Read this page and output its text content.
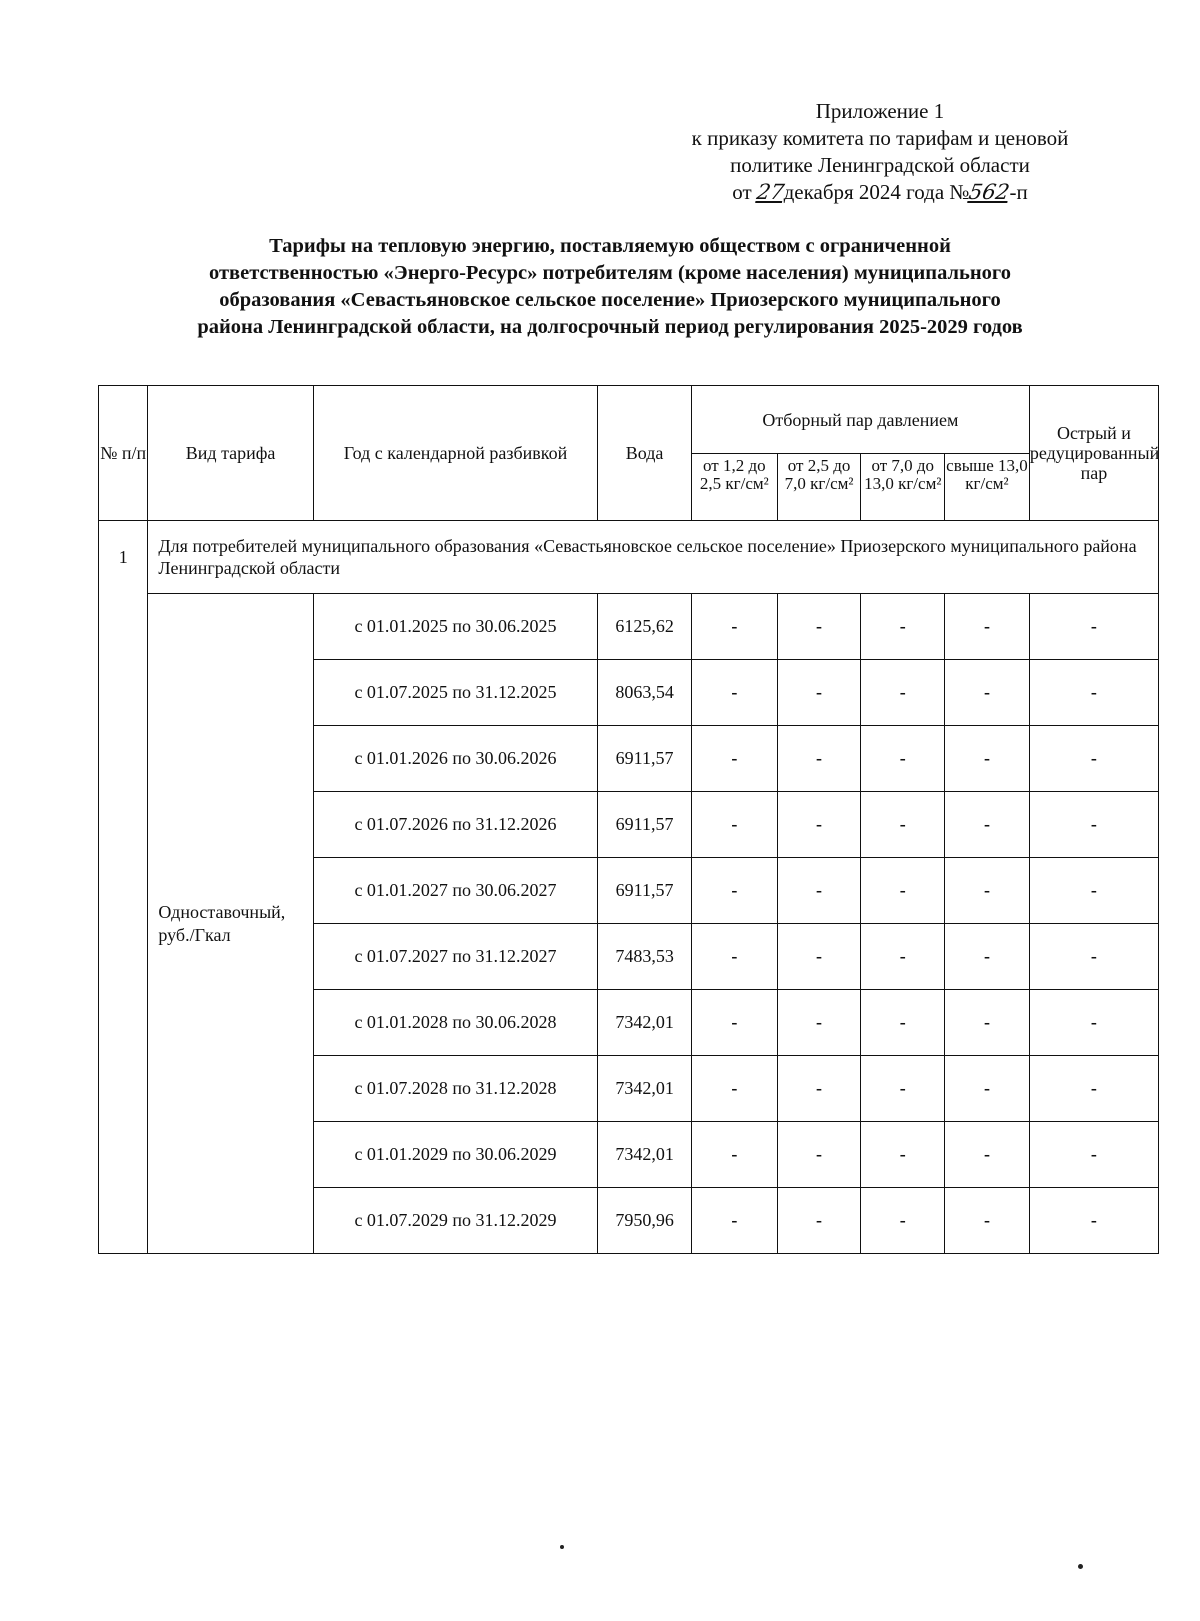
Приложение 1
к приказу комитета по тарифам и ценовой
политике Ленинградской области
от 27декабря 2024 года №562-п
Тарифы на тепловую энергию, поставляемую обществом с ограниченной
ответственностью «Энерго-Ресурс» потребителям (кроме населения) муниципального
образования «Севастьяновское сельское поселение» Приозерского муниципального
района Ленинградской области, на долгосрочный период регулирования 2025-2029 годов
№ п/п	Вид тарифа	Год с календарной разбивкой	Вода	Отборный пар давлением				Острый и редуцированный пар
				от 1,2 до 2,5 кг/см²	от 2,5 до 7,0 кг/см²	от 7,0 до 13,0 кг/см²	свыше 13,0 кг/см²	
1	Для потребителей муниципального образования «Севастьяновское сельское поселение» Приозерского муниципального района Ленинградской области							
	Одноставочный, руб./Гкал	с 01.01.2025 по 30.06.2025	6125,62	-	-	-	-	-
		с 01.07.2025 по 31.12.2025	8063,54	-	-	-	-	-
		с 01.01.2026 по 30.06.2026	6911,57	-	-	-	-	-
		с 01.07.2026 по 31.12.2026	6911,57	-	-	-	-	-
		с 01.01.2027 по 30.06.2027	6911,57	-	-	-	-	-
		с 01.07.2027 по 31.12.2027	7483,53	-	-	-	-	-
		с 01.01.2028 по 30.06.2028	7342,01	-	-	-	-	-
		с 01.07.2028 по 31.12.2028	7342,01	-	-	-	-	-
		с 01.01.2029 по 30.06.2029	7342,01	-	-	-	-	-
		с 01.07.2029 по 31.12.2029	7950,96	-	-	-	-	-
